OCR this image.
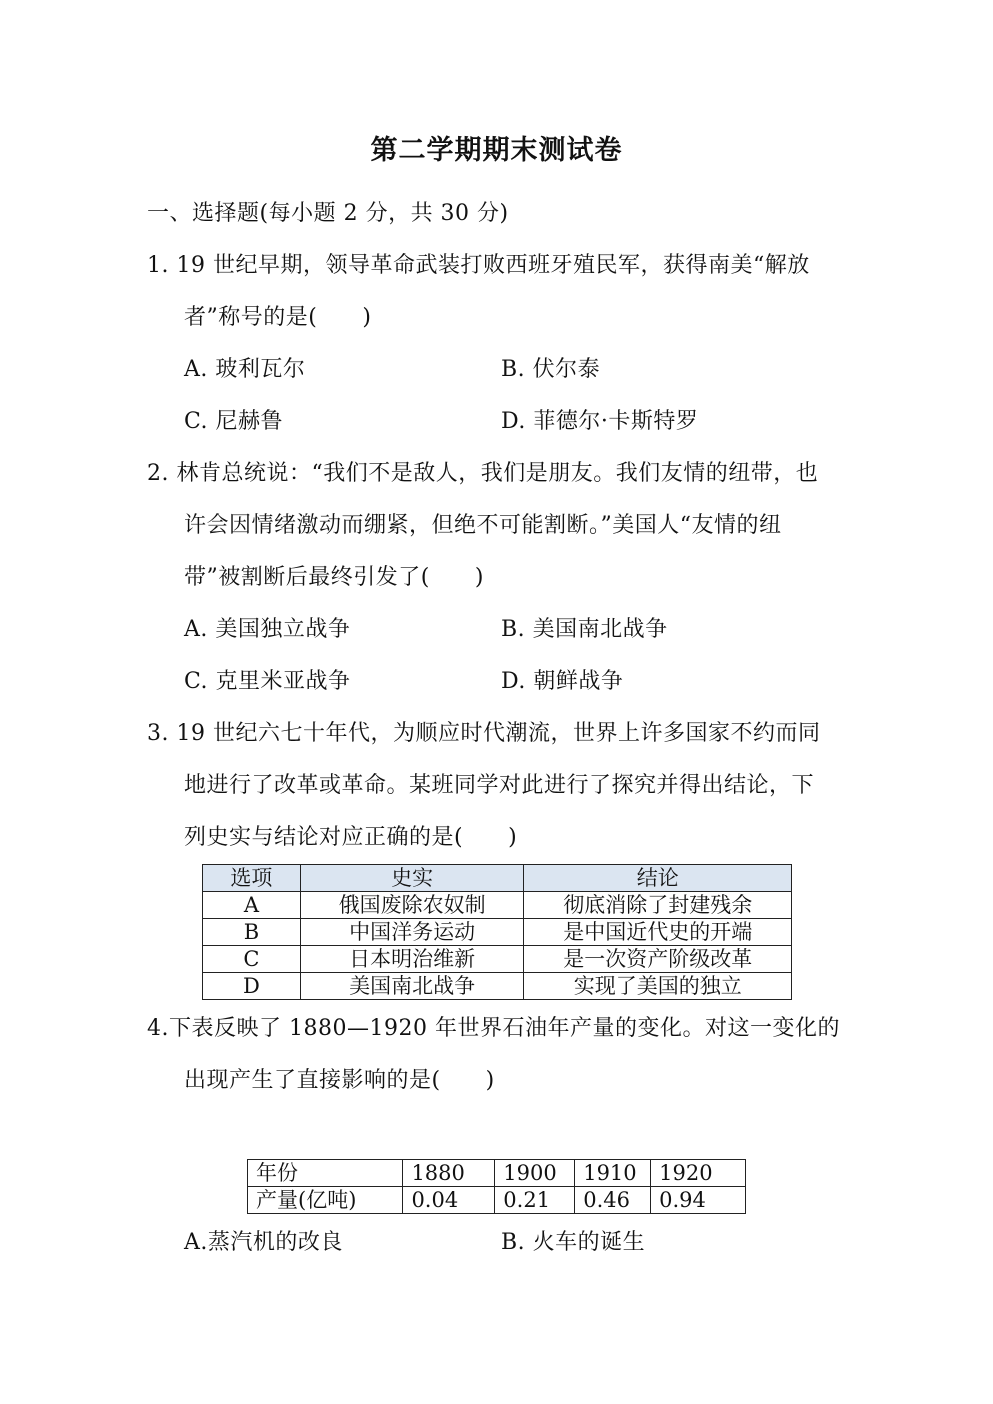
第二学期期末测试卷
一、选择题(每小题 2 分，共 30 分)
1. 19 世纪早期，领导革命武装打败西班牙殖民军，获得南美“解放
者”称号的是(　　)
A. 玻利瓦尔	B. 伏尔泰
C. 尼赫鲁	D. 菲德尔·卡斯特罗
2. 林肯总统说：“我们不是敌人，我们是朋友。我们友情的纽带，也
许会因情绪激动而绷紧，但绝不可能割断。”美国人“友情的纽
带”被割断后最终引发了(　　)
A. 美国独立战争	B. 美国南北战争
C. 克里米亚战争	D. 朝鲜战争
3. 19 世纪六七十年代，为顺应时代潮流，世界上许多国家不约而同
地进行了改革或革命。某班同学对此进行了探究并得出结论，下
列史实与结论对应正确的是(　　)
选项	史实	结论
A	俄国废除农奴制	彻底消除了封建残余
B	中国洋务运动	是中国近代史的开端
C	日本明治维新	是一次资产阶级改革
D	美国南北战争	实现了美国的独立
4.下表反映了 1880—1920 年世界石油年产量的变化。对这一变化的
出现产生了直接影响的是(　　)
年份	1880	1900	1910	1920
产量(亿吨)	0.04	0.21	0.46	0.94
A.蒸汽机的改良	B. 火车的诞生
